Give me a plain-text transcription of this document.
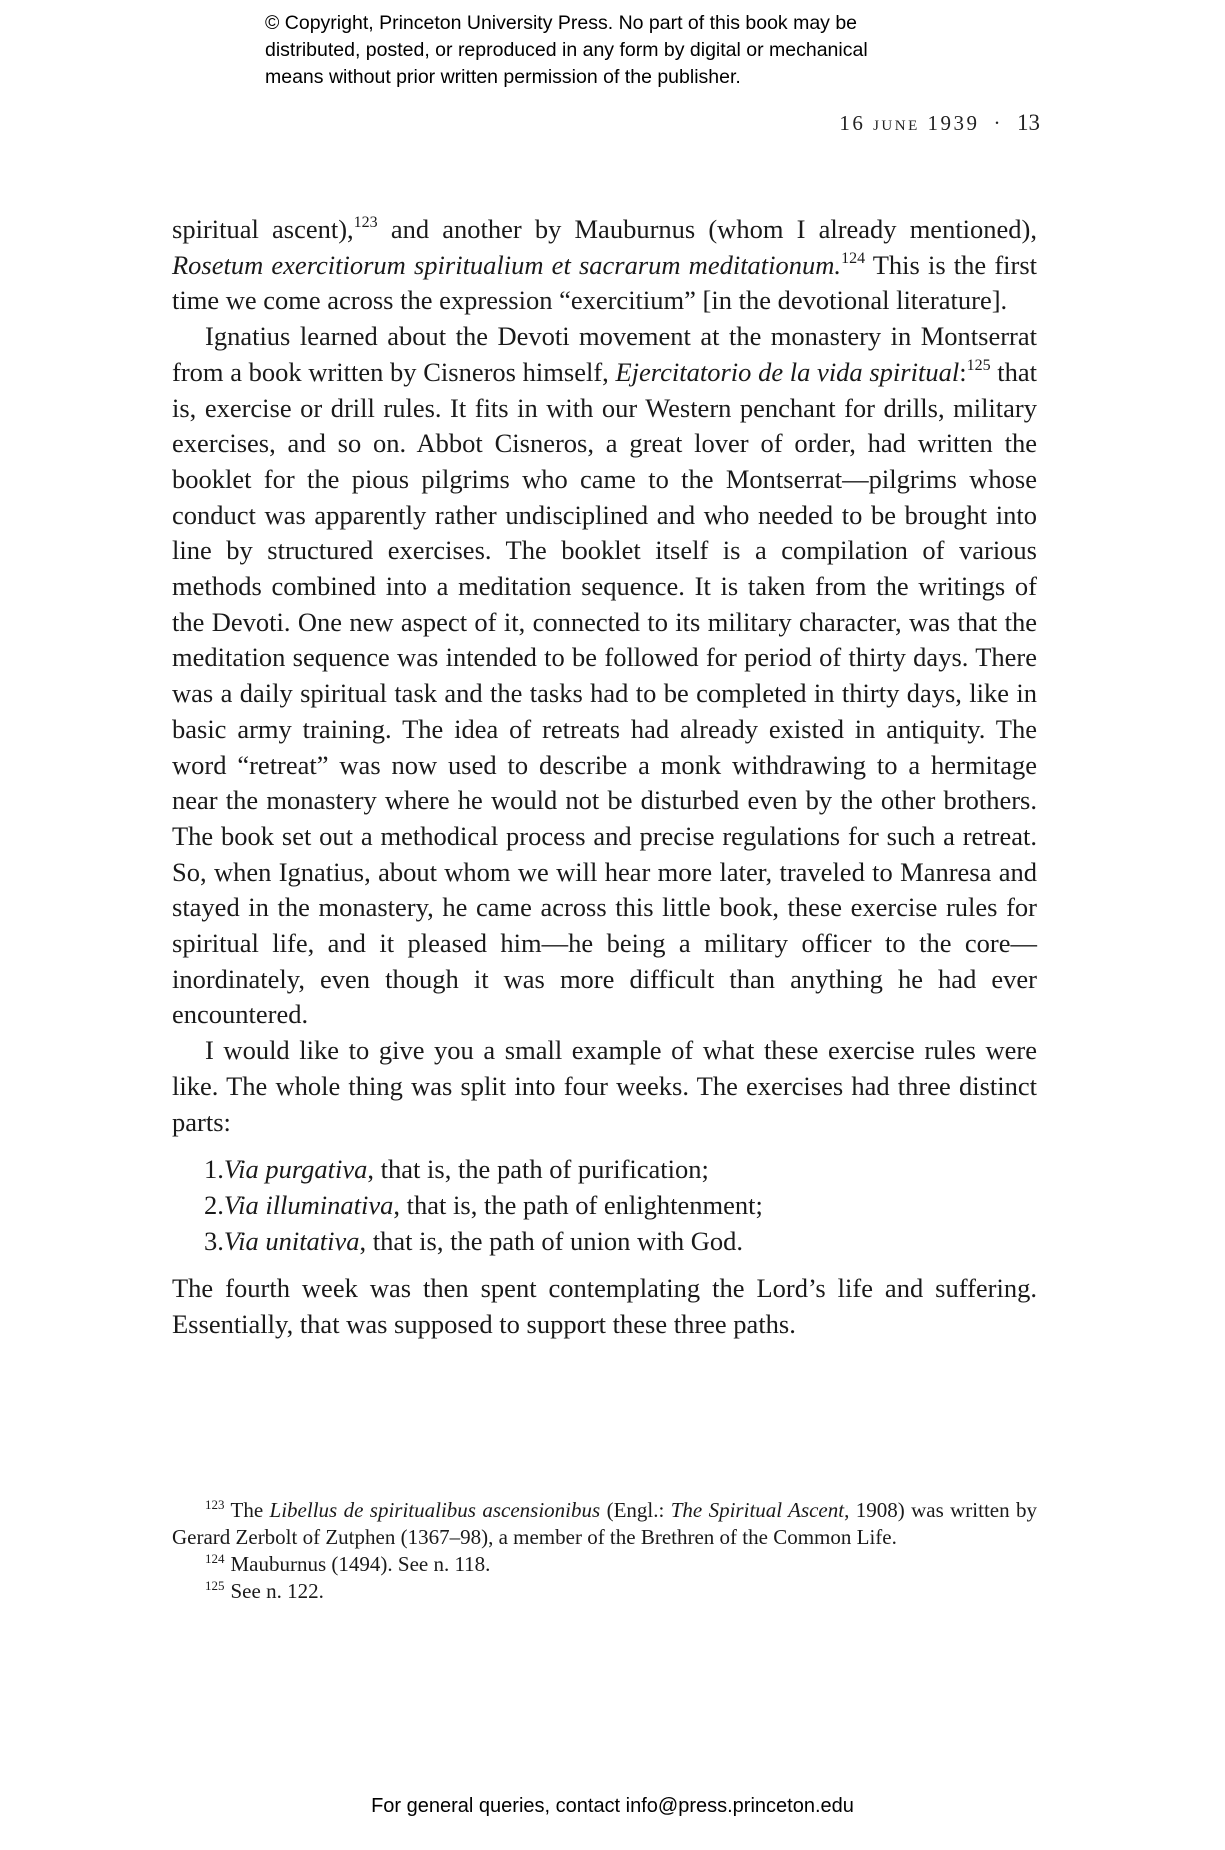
© Copyright, Princeton University Press. No part of this book may be
distributed, posted, or reproduced in any form by digital or mechanical
means without prior written permission of the publisher.
16 june 1939 · 13

spiritual ascent),$^{123}$ and another by Mauburnus (whom I already mentioned), Rosetum exercitiorum spiritualium et sacrarum meditationum.$^{124}$ This is the first time we come across the expression “exercitium” [in the devotional literature].

Ignatius learned about the Devoti movement at the monastery in Montserrat from a book written by Cisneros himself, Ejercitatorio de la vida spiritual:$^{125}$ that is, exercise or drill rules. It fits in with our Western penchant for drills, military exercises, and so on. Abbot Cisneros, a great lover of order, had written the booklet for the pious pilgrims who came to the Montserrat—pilgrims whose conduct was apparently rather undisciplined and who needed to be brought into line by structured exercises. The booklet itself is a compilation of various methods combined into a meditation sequence. It is taken from the writings of the Devoti. One new aspect of it, connected to its military character, was that the meditation sequence was intended to be followed for period of thirty days. There was a daily spiritual task and the tasks had to be completed in thirty days, like in basic army training. The idea of retreats had already existed in antiquity. The word “retreat” was now used to describe a monk withdrawing to a hermitage near the monastery where he would not be disturbed even by the other brothers. The book set out a methodical process and precise regulations for such a retreat. So, when Ignatius, about whom we will hear more later, traveled to Manresa and stayed in the monastery, he came across this little book, these exercise rules for spiritual life, and it pleased him—he being a military officer to the core—inordinately, even though it was more difficult than anything he had ever encountered.

I would like to give you a small example of what these exercise rules were like. The whole thing was split into four weeks. The exercises had three distinct parts:

1.Via purgativa, that is, the path of purification;
2.Via illuminativa, that is, the path of enlightenment;
3.Via unitativa, that is, the path of union with God.

The fourth week was then spent contemplating the Lord’s life and suffering. Essentially, that was supposed to support these three paths.

$^{123}$ The Libellus de spiritualibus ascensionibus (Engl.: The Spiritual Ascent, 1908) was written by Gerard Zerbolt of Zutphen (1367–98), a member of the Brethren of the Common Life.

$^{124}$ Mauburnus (1494). See n. 118.

$^{125}$ See n. 122.

For general queries, contact info@press.princeton.edu
